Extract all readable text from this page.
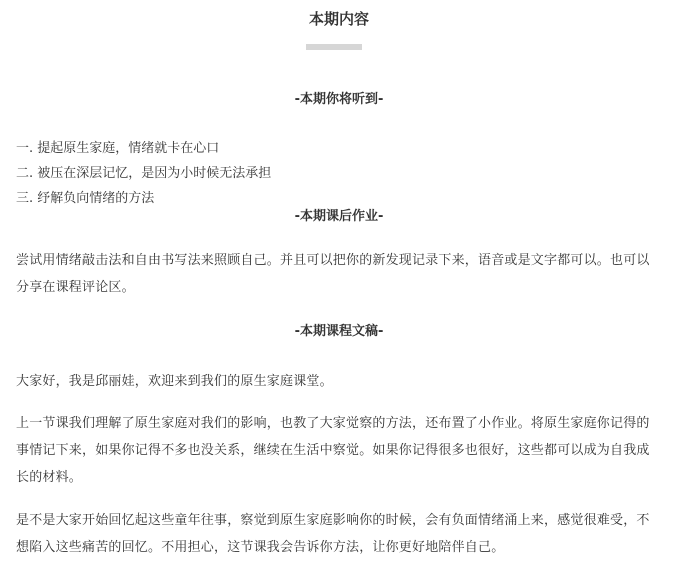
本期内容
-本期你将听到-
一. 提起原生家庭，情绪就卡在心口
二. 被压在深层记忆，是因为小时候无法承担
三. 纾解负向情绪的方法
-本期课后作业-

尝试用情绪敲击法和自由书写法来照顾自己。并且可以把你的新发现记录下来，语音或是文字都可以。也可以分享在课程评论区。

-本期课程文稿-

大家好，我是邱丽娃，欢迎来到我们的原生家庭课堂。

上一节课我们理解了原生家庭对我们的影响，也教了大家觉察的方法，还布置了小作业。将原生家庭你记得的事情记下来，如果你记得不多也没关系，继续在生活中察觉。如果你记得很多也很好，这些都可以成为自我成长的材料。

是不是大家开始回忆起这些童年往事，察觉到原生家庭影响你的时候，会有负面情绪涌上来，感觉很难受，不想陷入这些痛苦的回忆。不用担心，这节课我会告诉你方法，让你更好地陪伴自己。
